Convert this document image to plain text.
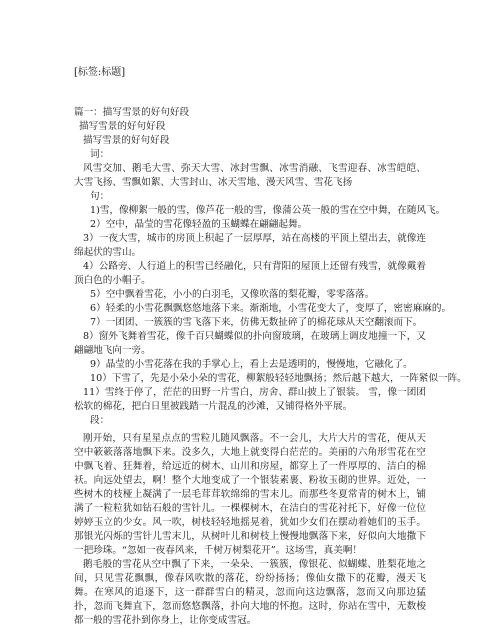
[标签:标题]
篇一：描写雪景的好句好段
描写雪景的好句好段
描写雪景的好句好段
词：
风雪交加、鹅毛大雪、弥天大雪、冰封雪飘、冰雪消融、飞雪迎春、冰雪皑皑、大雪飞扬、雪飘如絮、大雪封山、冰天雪地、漫天风雪、雪花飞扬
句：
1)雪，像柳絮一般的雪，像芦花一般的雪，像蒲公英一般的雪在空中舞，在随风飞。
2）空中，晶莹的雪花像轻盈的玉蝴蝶在翩翩起舞。
3）一夜大雪，城市的房顶上积起了一层厚厚，站在高楼的平顶上望出去，就像连绵起伏的雪山。
4）公路旁、人行道上的积雪已经融化，只有背阳的屋顶上还留有残雪，就像戴着顶白色的小帽子。
5）空中飘着雪花，小小的白羽毛，又像吹落的梨花瓣，零零落落。
6）轻柔的小雪花飘飘悠悠地落下来。渐渐地，小雪花变大了，变厚了，密密麻麻的。
7）一团团、一簇簇的雪飞落下来，仿佛无数扯碎了的棉花球从天空翻滚而下。
8）窗外飞舞着雪花，像千百只蝴蝶似的扑向窗玻璃，在玻璃上调皮地撞一下，又翩翩地飞向一旁。
9）晶莹的小雪花落在我的手掌心上，看上去是透明的，慢慢地，它融化了。
10）下雪了，先是小朵小朵的雪花，柳絮般轻轻地飘扬；然后越下越大，一阵紧似一阵。
11）雪终于停了，茫茫的田野一片雪白，房舍、群山披上了银装。 雪，像一团团松软的棉花，把白日里被践踏一片混乱的沙滩，又铺得格外平展。
段：
刚开始，只有星星点点的雪粒儿随风飘落。不一会儿，大片大片的雪花，便从天空中簌簌落落地飘下来。没多久，大地上就变得白茫茫的。美丽的六角形雪花在空中飘飞着、狂舞着，给远近的树木、山川和房屋，都穿上了一件厚厚的、洁白的棉袄。向远处望去，啊！整个大地变成了一个银装素裹、粉妆玉砌的世界。近处，一些树木的枝桠上凝满了一层毛茸茸软绵绵的雪末儿。而那些冬夏常青的树木上，铺满了一粒粒犹如钻石般的雪针儿。一棵棵树木，在洁白的雪花衬托下，好像一位位婷婷玉立的少女。风一吹，树枝轻轻地摇晃着，犹如少女们在摆动着她们的玉手。那银光闪烁的雪针儿雪末儿，从树叶儿和树枝上慢慢地飘落下来，好似向大地撒下一把珍珠。“忽如一夜春风来，千树万树梨花开”。这场雪，真美啊！
鹅毛般的雪花从空中飘了下来，一朵朵、一簇簇，像银花、似蝴蝶、胜梨花地之间，只见雪花飘飘，像春风吹散的落花，纷纷扬扬；像仙女撒下的花瓣，漫天飞舞。在寒风的追逐下，这一群群雪白的精灵，忽而向这边飘落，忽而又向那边猛扑，忽而飞舞直下，忽而悠悠飘落，扑向大地的怀抱。这时，你站在雪中，无数梭都一般的雪花扑到你身上，让你变成雪冠。
